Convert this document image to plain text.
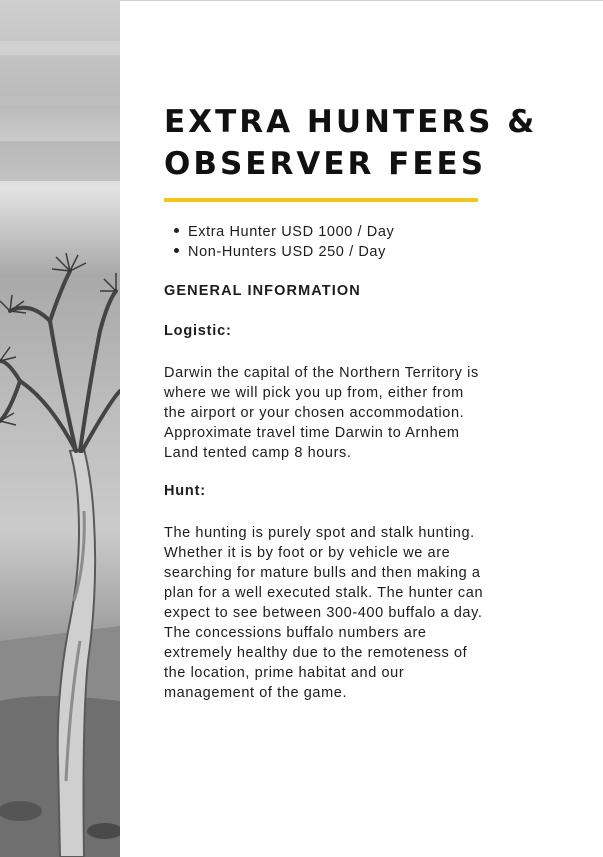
EXTRA HUNTERS &
OBSERVER FEES
Extra Hunter USD 1000 / Day
Non-Hunters USD 250 / Day
GENERAL INFORMATION
Logistic:
Darwin the capital of the Northern Territory is
where we will pick you up from, either from
the airport or your chosen accommodation.
Approximate travel time Darwin to Arnhem
Land tented camp 8 hours.
Hunt:
The hunting is purely spot and stalk hunting.
Whether it is by foot or by vehicle we are
searching for mature bulls and then making a
plan for a well executed stalk. The hunter can
expect to see between 300-400 buffalo a day.
The concessions buffalo numbers are
extremely healthy due to the remoteness of
the location, prime habitat and our
management of the game.
